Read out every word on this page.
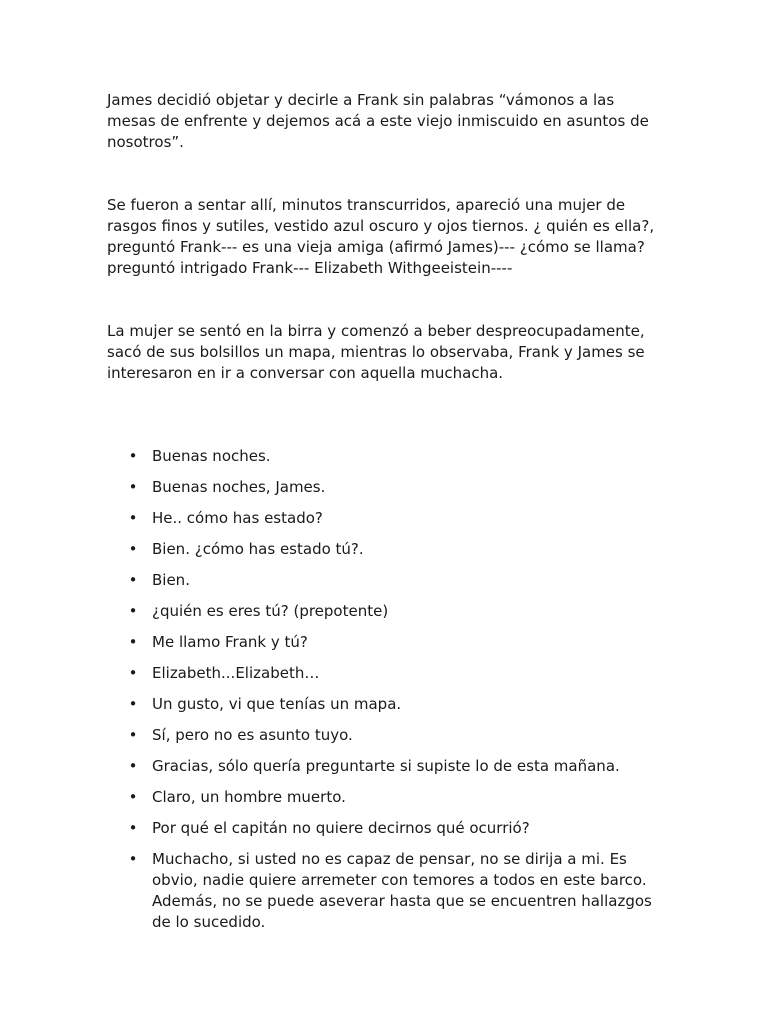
James decidió objetar y decirle a Frank sin palabras “vámonos a las mesas de enfrente y dejemos acá a este viejo inmiscuido en asuntos de nosotros”.

Se fueron a sentar allí, minutos transcurridos, apareció una mujer de rasgos finos y sutiles, vestido azul oscuro y ojos tiernos. ¿ quién es ella?, preguntó Frank--- es una vieja amiga (afirmó James)--- ¿cómo se llama? preguntó intrigado Frank--- Elizabeth Withgeeistein----

La mujer se sentó en la birra y comenzó a beber despreocupadamente, sacó de sus bolsillos un mapa, mientras lo observaba, Frank y James se interesaron en ir a conversar con aquella muchacha.

• Buenas noches.
• Buenas noches, James.
• He.. cómo has estado?
• Bien. ¿cómo has estado tú?.
• Bien.
• ¿quién es eres tú? (prepotente)
• Me llamo Frank y tú?
• Elizabeth...Elizabeth…
• Un gusto, vi que tenías un mapa.
• Sí, pero no es asunto tuyo.
• Gracias, sólo quería preguntarte si supiste lo de esta mañana.
• Claro, un hombre muerto.
• Por qué el capitán no quiere decirnos qué ocurrió?
• Muchacho, si usted no es capaz de pensar, no se dirija a mi. Es obvio, nadie quiere arremeter con temores a todos en este barco. Además, no se puede aseverar hasta que se encuentren hallazgos de lo sucedido.
